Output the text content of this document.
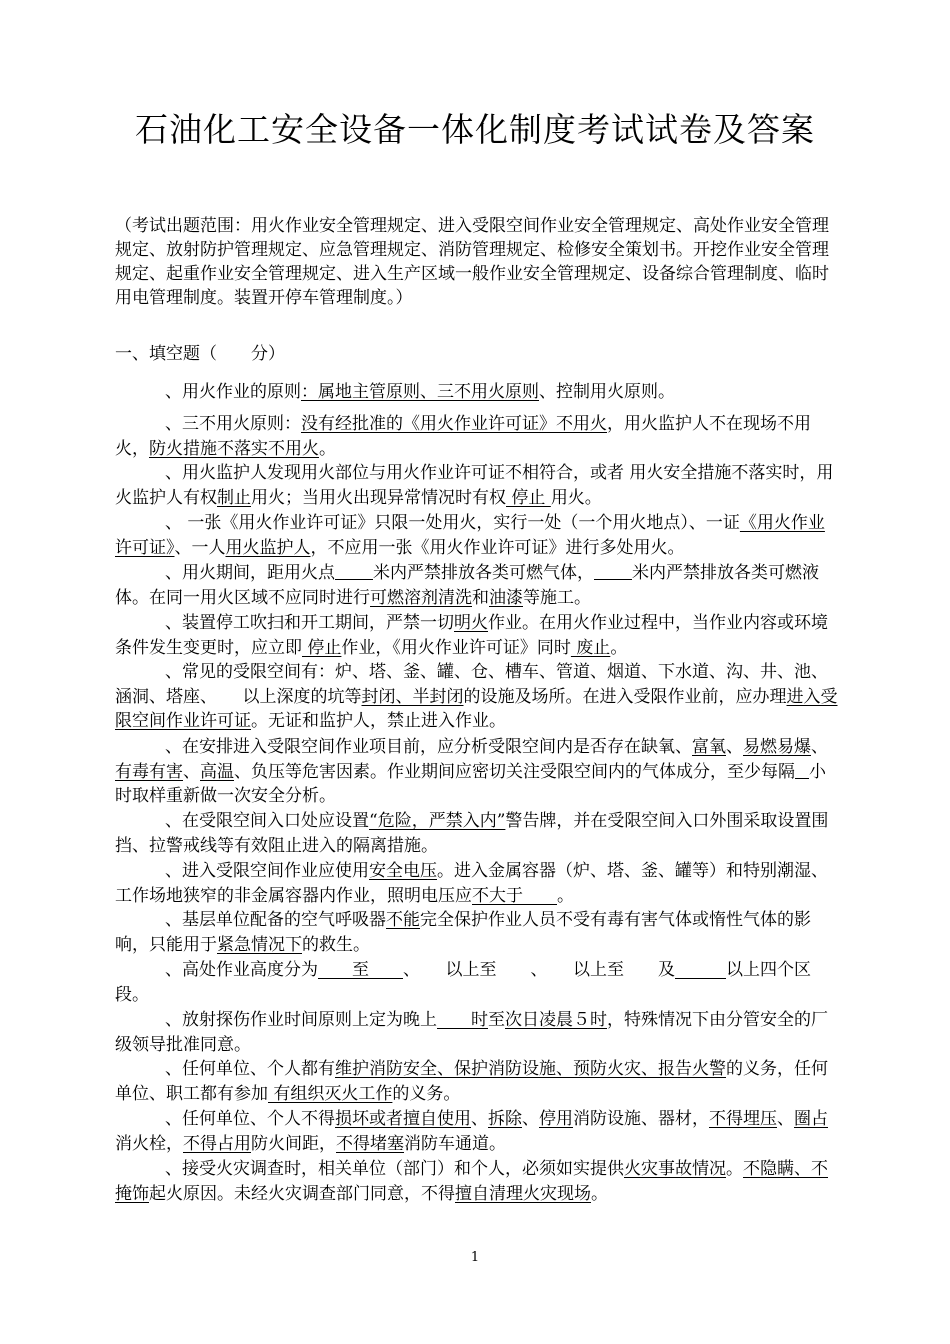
石油化工安全设备一体化制度考试试卷及答案
（考试出题范围：用火作业安全管理规定、进入受限空间作业安全管理规定、高处作业安全管理规定、放射防护管理规定、应急管理规定、消防管理规定、检修安全策划书。开挖作业安全管理规定、起重作业安全管理规定、进入生产区域一般作业安全管理规定、设备综合管理制度、临时用电管理制度。装置开停车管理制度。）
一、填空题（　　分）
、用火作业的原则：属地主管原则、三不用火原则、控制用火原则。
、三不用火原则：没有经批准的《用火作业许可证》不用火，用火监护人不在现场不用火，防火措施不落实不用火。
、用火监护人发现用火部位与用火作业许可证不相符合，或者 用火安全措施不落实时，用火监护人有权制止用火；当用火出现异常情况时有权 停止 用火。
、 一张《用火作业许可证》只限一处用火，实行一处（一个用火地点）、一证《用火作业许可证》、一人用火监护人，不应用一张《用火作业许可证》进行多处用火。
、用火期间，距用火点 米内严禁排放各类可燃气体， 米内严禁排放各类可燃液体。在同一用火区域不应同时进行可燃溶剂清洗和油漆等施工。
、装置停工吹扫和开工期间，严禁一切明火作业。在用火作业过程中，当作业内容或环境条件发生变更时，应立即 停止作业，《用火作业许可证》同时 废止。
、常见的受限空间有：炉、塔、釜、罐、仓、槽车、管道、烟道、下水道、沟、井、池、涵洞、塔座、　　以上深度的坑等封闭、半封闭的设施及场所。在进入受限作业前，应办理进入受限空间作业许可证。无证和监护人，禁止进入作业。
、在安排进入受限空间作业项目前，应分析受限空间内是否存在缺氧、富氧、易燃易爆、有毒有害、高温、负压等危害因素。作业期间应密切关注受限空间内的气体成分，至少每隔 小时取样重新做一次安全分析。
、在受限空间入口处应设置“危险，严禁入内”警告牌，并在受限空间入口外围采取设置围挡、拉警戒线等有效阻止进入的隔离措施。
、进入受限空间作业应使用安全电压。进入金属容器（炉、塔、釜、罐等）和特别潮湿、工作场地狭窄的非金属容器内作业，照明电压应不大于　　。
、基层单位配备的空气呼吸器不能完全保护作业人员不受有毒有害气体或惰性气体的影响，只能用于紧急情况下的救生。
、高处作业高度分为　　至　　、　　以上至　　、　　以上至　　及　　　	以上四个区段。
、放射探伤作业时间原则上定为晚上　　时至次日凌晨５时，特殊情况下由分管安全的厂级领导批准同意。
、任何单位、个人都有维护消防安全、保护消防设施、预防火灾、报告火警的义务，任何单位、职工都有参加 有组织灭火工作的义务。
、任何单位、个人不得损坏或者擅自使用、拆除、停用消防设施、器材，不得埋压、圈占消火栓，不得占用防火间距，不得堵塞消防车通道。
、接受火灾调查时，相关单位（部门）和个人，必须如实提供火灾事故情况。不隐瞒、不掩饰起火原因。未经火灾调查部门同意，不得擅自清理火灾现场。
1
